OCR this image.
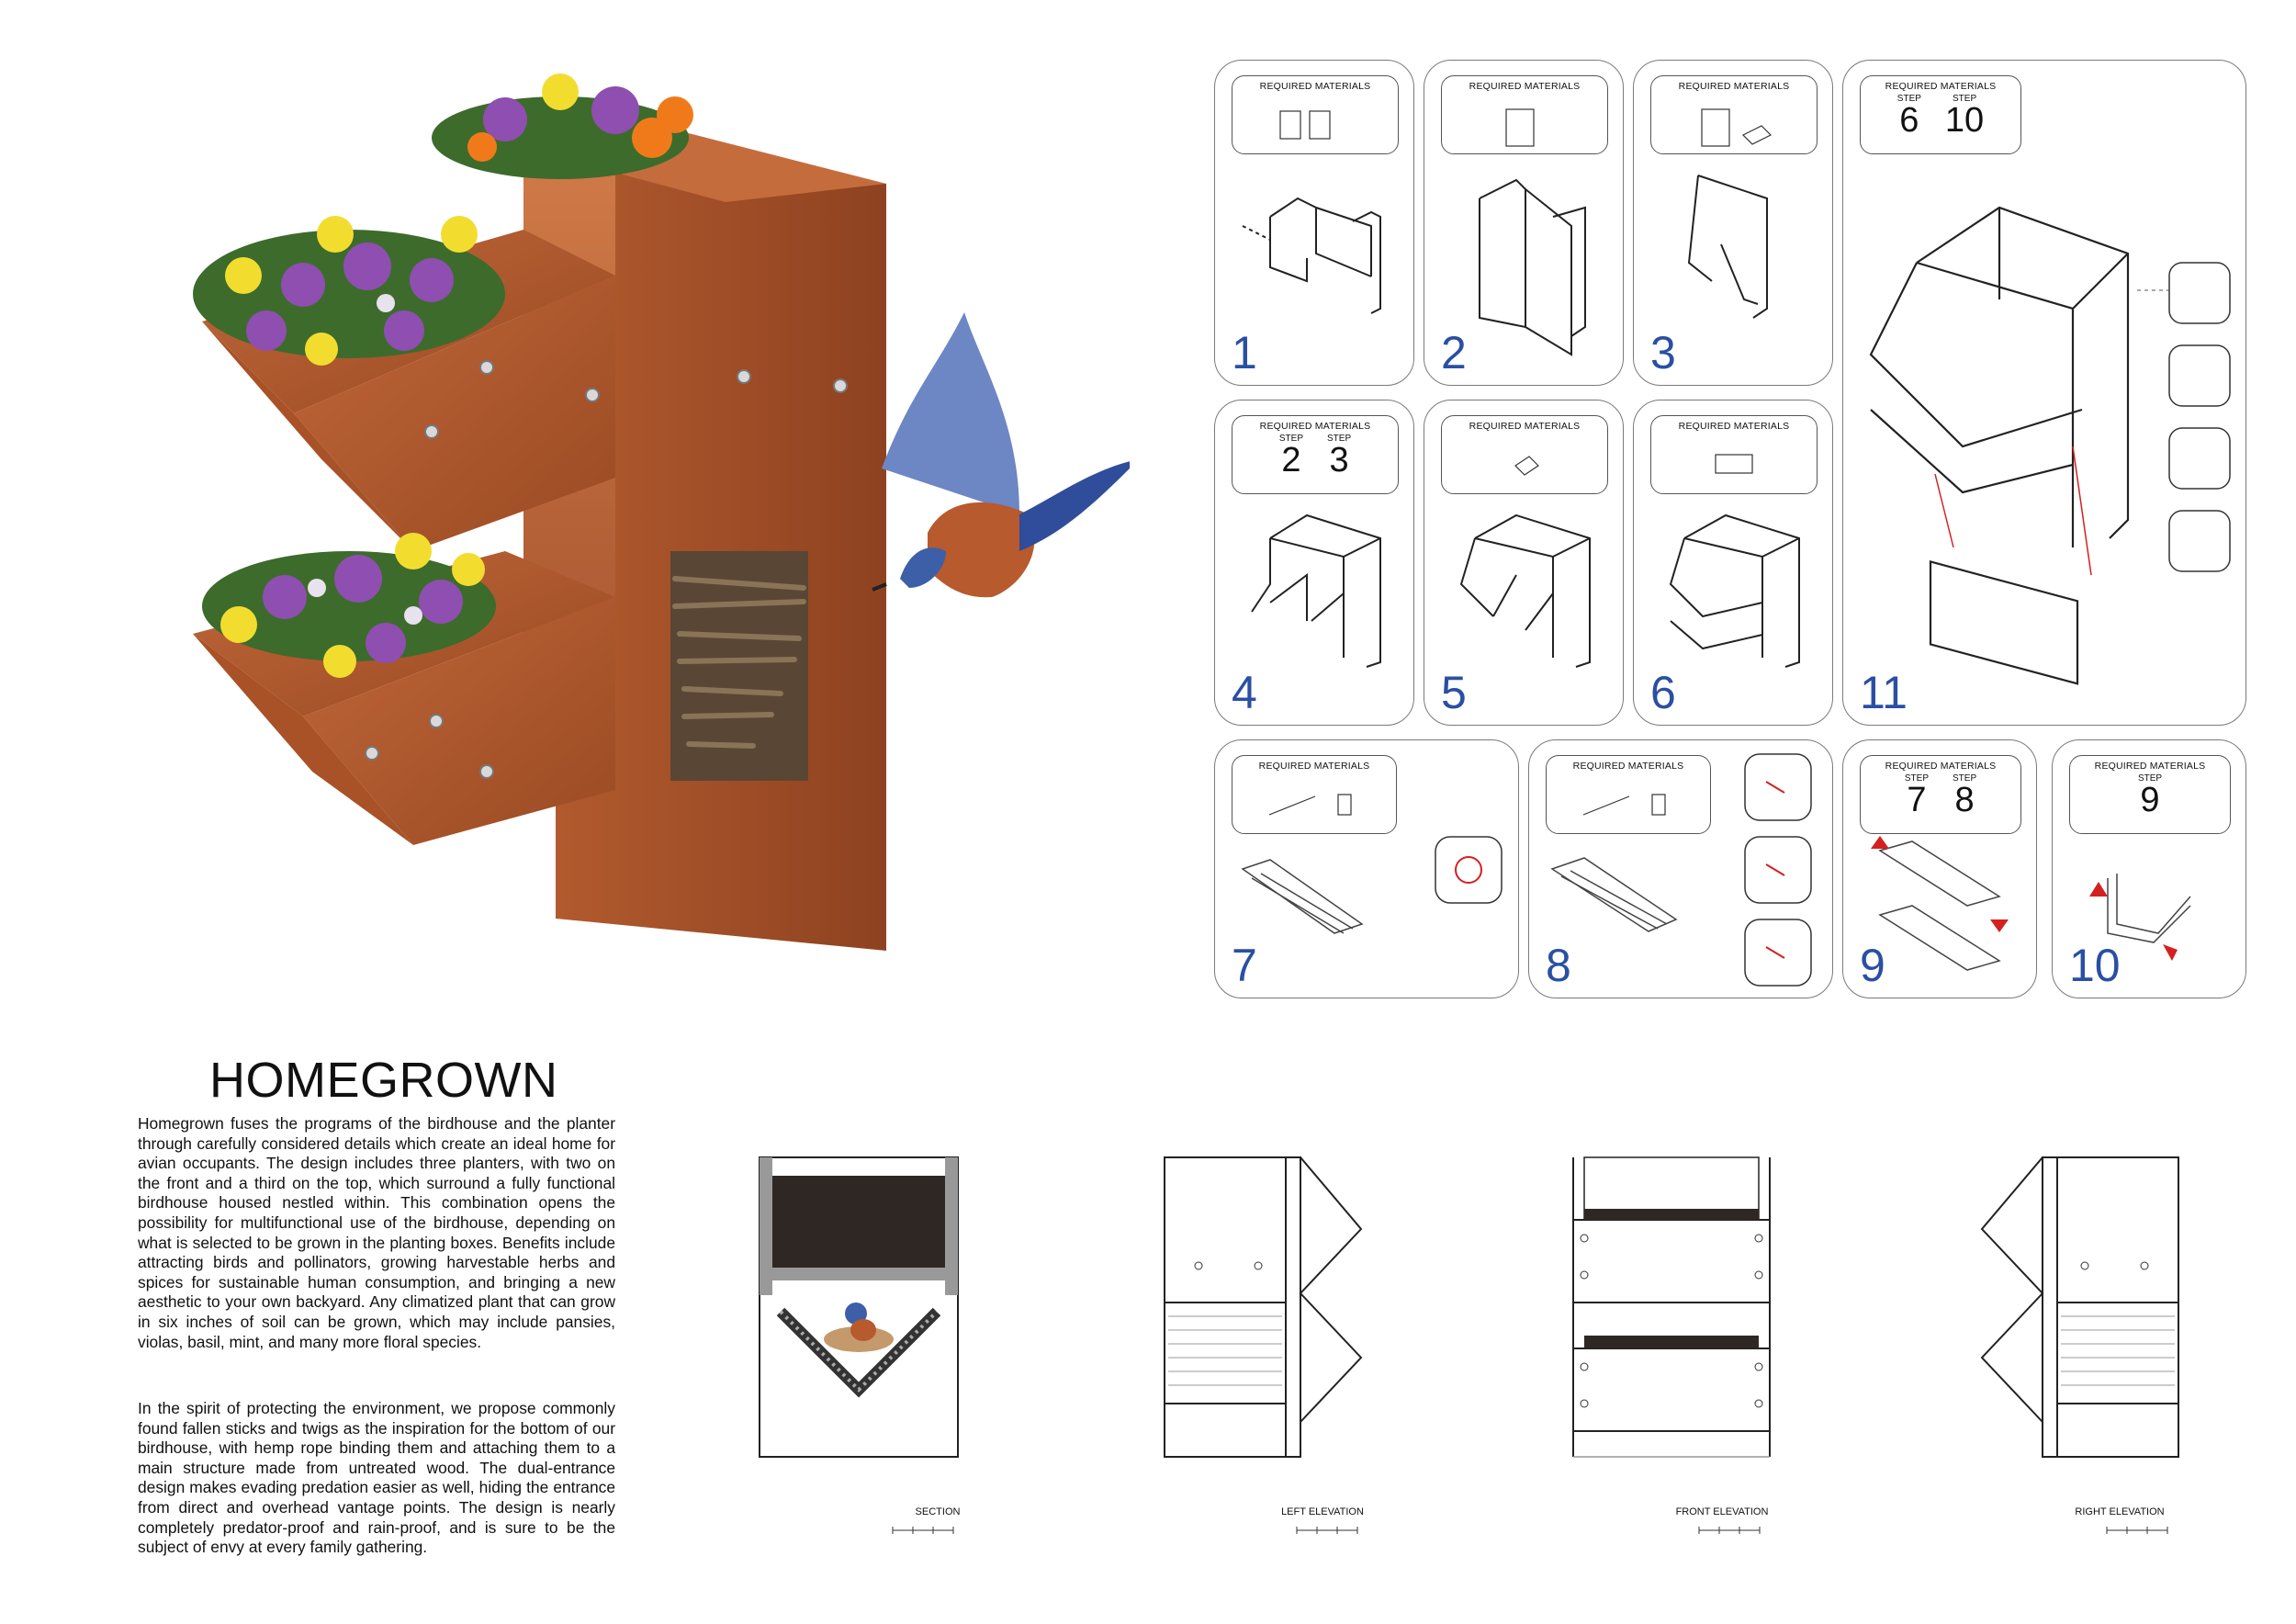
REQUIRED MATERIALS
1
REQUIRED MATERIALS
2
REQUIRED MATERIALS
3
REQUIRED MATERIALS
STEP
2
STEP
3
4
REQUIRED MATERIALS
5
REQUIRED MATERIALS
6
REQUIRED MATERIALS
STEP
6
STEP
10
11
REQUIRED MATERIALS
7
REQUIRED MATERIALS
8
REQUIRED MATERIALS
STEP
7
STEP
8
9
REQUIRED MATERIALS
STEP
9
10
HOMEGROWN
Homegrown fuses the programs of the birdhouse and the planter through carefully considered details which create an ideal home for avian occupants. The design includes three planters, with two on the front and a third on the top, which surround a fully functional birdhouse housed nestled within. This combination opens the possibility for multifunctional use of the birdhouse, depending on what is selected to be grown in the planting boxes. Benefits include attracting birds and pollinators, growing harvestable herbs and spices for sustainable human consumption, and bringing a new aesthetic to your own backyard. Any climatized plant that can grow in six inches of soil can be grown, which may include pansies, violas, basil, mint, and many more floral species.
In the spirit of protecting the environment, we propose commonly found fallen sticks and twigs as the inspiration for the bottom of our birdhouse, with hemp rope binding them and attaching them to a main structure made from untreated wood. The dual-entrance design makes evading predation easier as well, hiding the entrance from direct and overhead vantage points. The design is nearly completely predator-proof and rain-proof, and is sure to be the subject of envy at every family gathering.
SECTION	LEFT ELEVATION	FRONT ELEVATION	RIGHT ELEVATION
